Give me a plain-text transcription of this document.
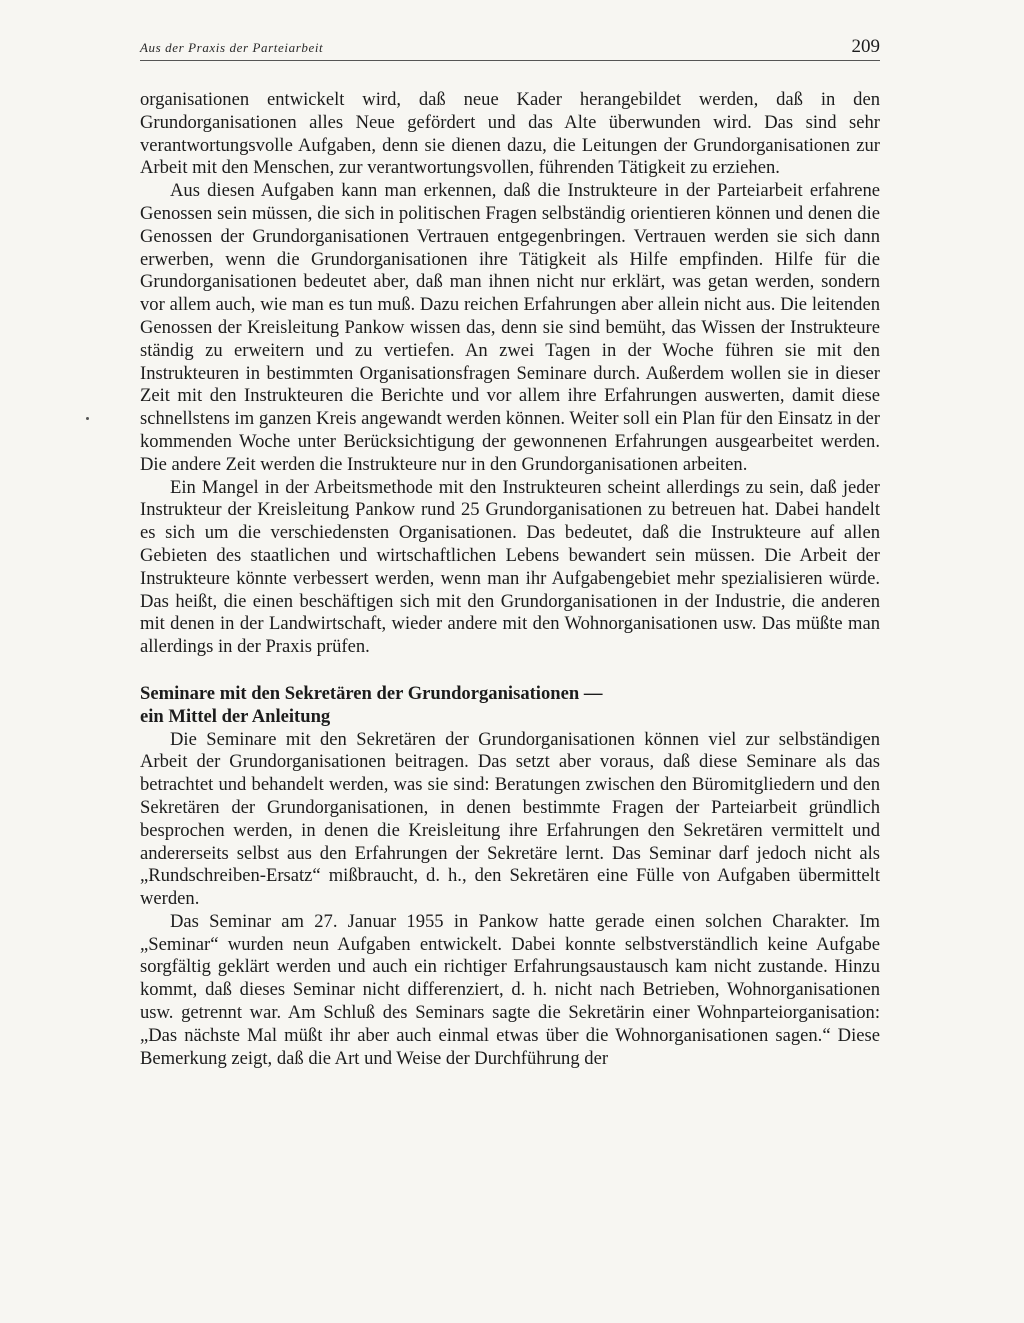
Aus der Praxis der Parteiarbeit	209

organisationen entwickelt wird, daß neue Kader herangebildet werden, daß in den Grundorganisationen alles Neue gefördert und das Alte überwunden wird. Das sind sehr verantwortungsvolle Aufgaben, denn sie dienen dazu, die Leitungen der Grundorganisationen zur Arbeit mit den Menschen, zur verantwortungsvollen, führenden Tätigkeit zu erziehen.

Aus diesen Aufgaben kann man erkennen, daß die Instrukteure in der Parteiarbeit erfahrene Genossen sein müssen, die sich in politischen Fragen selbständig orientieren können und denen die Genossen der Grundorganisationen Vertrauen entgegenbringen. Vertrauen werden sie sich dann erwerben, wenn die Grundorganisationen ihre Tätigkeit als Hilfe empfinden. Hilfe für die Grundorganisationen bedeutet aber, daß man ihnen nicht nur erklärt, was getan werden, sondern vor allem auch, wie man es tun muß. Dazu reichen Erfahrungen aber allein nicht aus. Die leitenden Genossen der Kreisleitung Pankow wissen das, denn sie sind bemüht, das Wissen der Instrukteure ständig zu erweitern und zu vertiefen. An zwei Tagen in der Woche führen sie mit den Instrukteuren in bestimmten Organisationsfragen Seminare durch. Außerdem wollen sie in dieser Zeit mit den Instrukteuren die Berichte und vor allem ihre Erfahrungen auswerten, damit diese schnellstens im ganzen Kreis angewandt werden können. Weiter soll ein Plan für den Einsatz in der kommenden Woche unter Berücksichtigung der gewonnenen Erfahrungen ausgearbeitet werden. Die andere Zeit werden die Instrukteure nur in den Grundorganisationen arbeiten.

Ein Mangel in der Arbeitsmethode mit den Instrukteuren scheint allerdings zu sein, daß jeder Instrukteur der Kreisleitung Pankow rund 25 Grundorganisationen zu betreuen hat. Dabei handelt es sich um die verschiedensten Organisationen. Das bedeutet, daß die Instrukteure auf allen Gebieten des staatlichen und wirtschaftlichen Lebens bewandert sein müssen. Die Arbeit der Instrukteure könnte verbessert werden, wenn man ihr Aufgabengebiet mehr spezialisieren würde. Das heißt, die einen beschäftigen sich mit den Grundorganisationen in der Industrie, die anderen mit denen in der Landwirtschaft, wieder andere mit den Wohnorganisationen usw. Das müßte man allerdings in der Praxis prüfen.

Seminare mit den Sekretären der Grundorganisationen —
ein Mittel der Anleitung

Die Seminare mit den Sekretären der Grundorganisationen können viel zur selbständigen Arbeit der Grundorganisationen beitragen. Das setzt aber voraus, daß diese Seminare als das betrachtet und behandelt werden, was sie sind: Beratungen zwischen den Büromitgliedern und den Sekretären der Grundorganisationen, in denen bestimmte Fragen der Parteiarbeit gründlich besprochen werden, in denen die Kreisleitung ihre Erfahrungen den Sekretären vermittelt und andererseits selbst aus den Erfahrungen der Sekretäre lernt. Das Seminar darf jedoch nicht als „Rundschreiben-Ersatz“ mißbraucht, d. h., den Sekretären eine Fülle von Aufgaben übermittelt werden.

Das Seminar am 27. Januar 1955 in Pankow hatte gerade einen solchen Charakter. Im „Seminar“ wurden neun Aufgaben entwickelt. Dabei konnte selbstverständlich keine Aufgabe sorgfältig geklärt werden und auch ein richtiger Erfahrungsaustausch kam nicht zustande. Hinzu kommt, daß dieses Seminar nicht differenziert, d. h. nicht nach Betrieben, Wohnorganisationen usw. getrennt war. Am Schluß des Seminars sagte die Sekretärin einer Wohnparteiorganisation: „Das nächste Mal müßt ihr aber auch einmal etwas über die Wohnorganisationen sagen.“ Diese Bemerkung zeigt, daß die Art und Weise der Durchführung der
